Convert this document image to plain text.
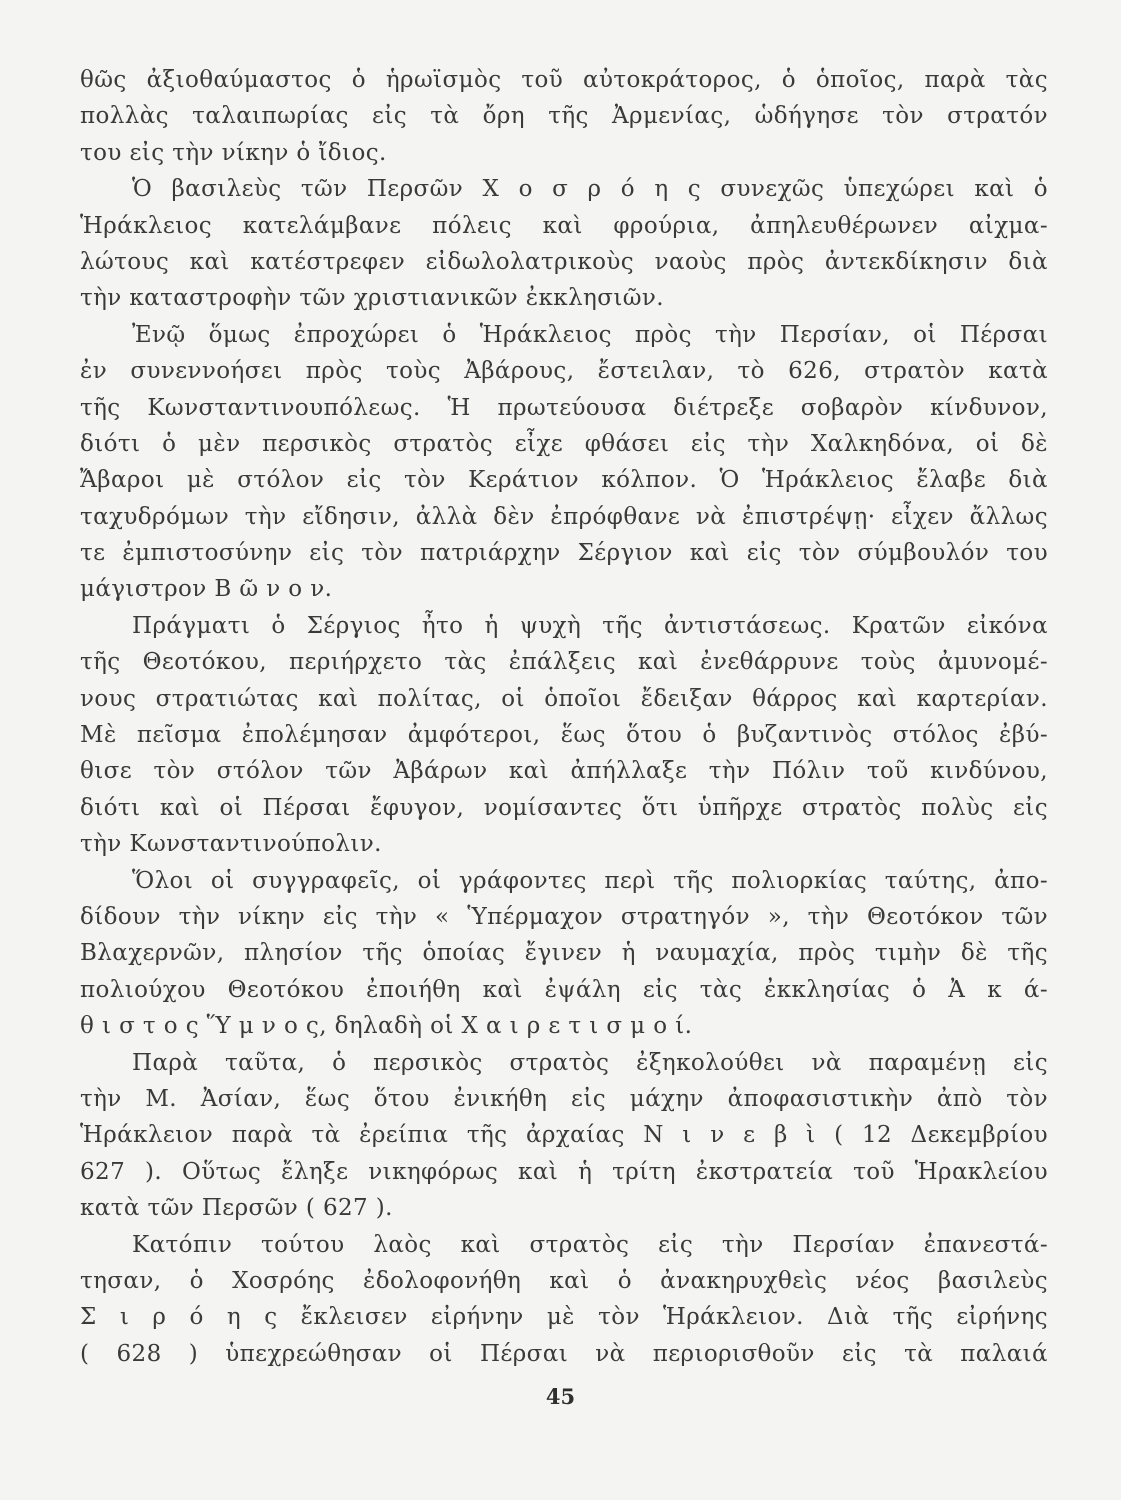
θῶς ἀξιοθαύμαστος ὁ ἡρωϊσμὸς τοῦ αὐτοκράτορος, ὁ ὁποῖος, παρὰ τὰς
πολλὰς ταλαιπωρίας εἰς τὰ ὄρη τῆς Ἀρμενίας, ὡδήγησε τὸν στρατόν
του εἰς τὴν νίκην ὁ ἴδιος.
Ὁ βασιλεὺς τῶν Περσῶν Χ ο σ ρ ό η ς συνεχῶς ὑπεχώρει καὶ ὁ
Ἡράκλειος κατελάμβανε πόλεις καὶ φρούρια, ἀπηλευθέρωνεν αἰχμα-
λώτους καὶ κατέστρεφεν εἰδωλολατρικοὺς ναοὺς πρὸς ἀντεκδίκησιν διὰ
τὴν καταστροφὴν τῶν χριστιανικῶν ἐκκλησιῶν.
Ἐνῷ ὅμως ἐπροχώρει ὁ Ἡράκλειος πρὸς τὴν Περσίαν, οἱ Πέρσαι
ἐν συνεννοήσει πρὸς τοὺς Ἀβάρους, ἔστειλαν, τὸ 626, στρατὸν κατὰ
τῆς Κωνσταντινουπόλεως. Ἡ πρωτεύουσα διέτρεξε σοβαρὸν κίνδυνον,
διότι ὁ μὲν περσικὸς στρατὸς εἶχε φθάσει εἰς τὴν Χαλκηδόνα, οἱ δὲ
Ἄβαροι μὲ στόλον εἰς τὸν Κεράτιον κόλπον. Ὁ Ἡράκλειος ἔλαβε διὰ
ταχυδρόμων τὴν εἴδησιν, ἀλλὰ δὲν ἐπρόφθανε νὰ ἐπιστρέψῃ· εἶχεν ἄλλως
τε ἐμπιστοσύνην εἰς τὸν πατριάρχην Σέργιον καὶ εἰς τὸν σύμβουλόν του
μάγιστρον Β ῶ ν ο ν.
Πράγματι ὁ Σέργιος ἦτο ἡ ψυχὴ τῆς ἀντιστάσεως. Κρατῶν εἰκόνα
τῆς Θεοτόκου, περιήρχετο τὰς ἐπάλξεις καὶ ἐνεθάρρυνε τοὺς ἀμυνομέ-
νους στρατιώτας καὶ πολίτας, οἱ ὁποῖοι ἔδειξαν θάρρος καὶ καρτερίαν.
Μὲ πεῖσμα ἐπολέμησαν ἀμφότεροι, ἕως ὅτου ὁ βυζαντινὸς στόλος ἐβύ-
θισε τὸν στόλον τῶν Ἀβάρων καὶ ἀπήλλαξε τὴν Πόλιν τοῦ κινδύνου,
διότι καὶ οἱ Πέρσαι ἔφυγον, νομίσαντες ὅτι ὑπῆρχε στρατὸς πολὺς εἰς
τὴν Κωνσταντινούπολιν.
Ὅλοι οἱ συγγραφεῖς, οἱ γράφοντες περὶ τῆς πολιορκίας ταύτης, ἀπο-
δίδουν τὴν νίκην εἰς τὴν « Ὑπέρμαχον στρατηγόν », τὴν Θεοτόκον τῶν
Βλαχερνῶν, πλησίον τῆς ὁποίας ἔγινεν ἡ ναυμαχία, πρὸς τιμὴν δὲ τῆς
πολιούχου Θεοτόκου ἐποιήθη καὶ ἐψάλη εἰς τὰς ἐκκλησίας ὁ Ἀ κ ά-
θ ι σ τ ο ς Ὕ μ ν ο ς, δηλαδὴ οἱ Χ α ι ρ ε τ ι σ μ ο ί.
Παρὰ ταῦτα, ὁ περσικὸς στρατὸς ἐξηκολούθει νὰ παραμένῃ εἰς
τὴν Μ. Ἀσίαν, ἕως ὅτου ἐνικήθη εἰς μάχην ἀποφασιστικὴν ἀπὸ τὸν
Ἡράκλειον παρὰ τὰ ἐρείπια τῆς ἀρχαίας Ν ι ν ε β ὶ ( 12 Δεκεμβρίου
627 ). Οὕτως ἔληξε νικηφόρως καὶ ἡ τρίτη ἐκστρατεία τοῦ Ἡρακλείου
κατὰ τῶν Περσῶν ( 627 ).
Κατόπιν τούτου λαὸς καὶ στρατὸς εἰς τὴν Περσίαν ἐπανεστά-
τησαν, ὁ Χοσρόης ἐδολοφονήθη καὶ ὁ ἀνακηρυχθεὶς νέος βασιλεὺς
Σ ι ρ ό η ς ἔκλεισεν εἰρήνην μὲ τὸν Ἡράκλειον. Διὰ τῆς εἰρήνης
( 628 ) ὑπεχρεώθησαν οἱ Πέρσαι νὰ περιορισθοῦν εἰς τὰ παλαιά
45
